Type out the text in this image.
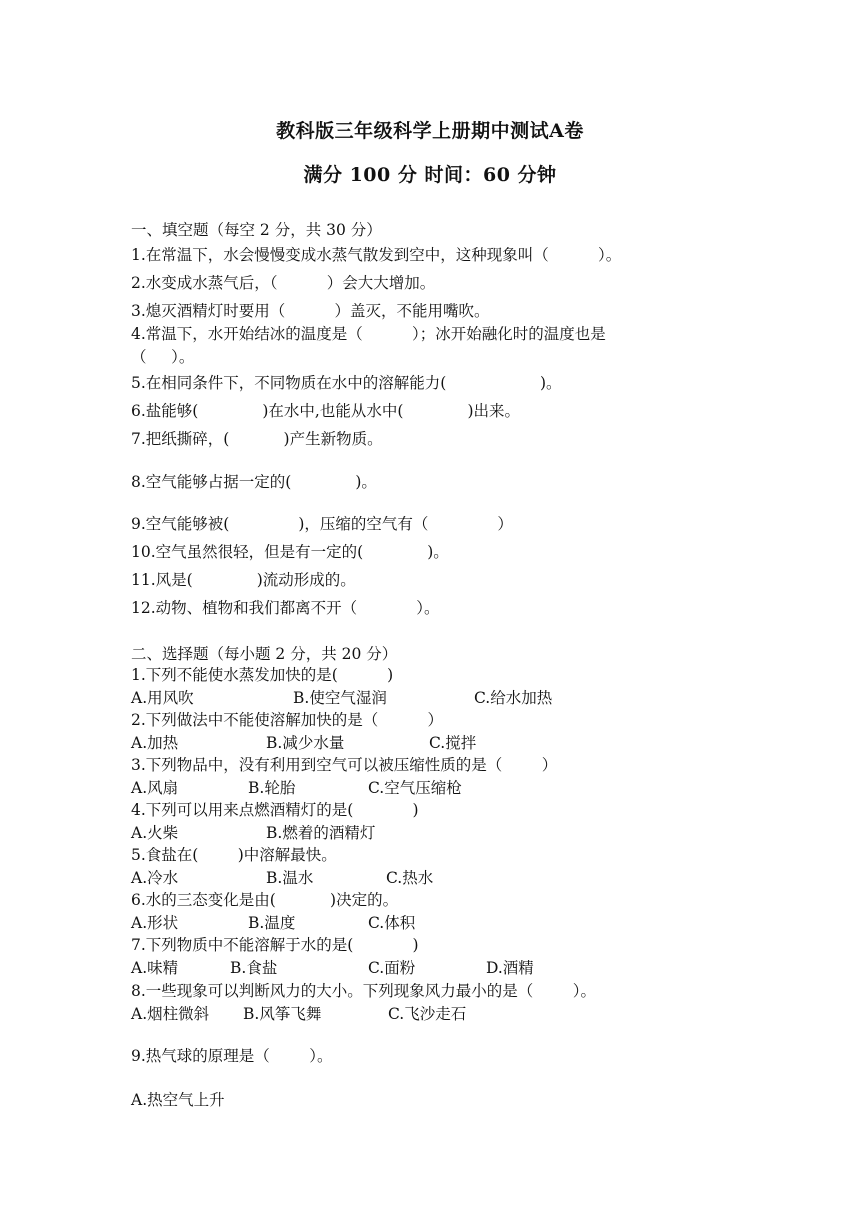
教科版三年级科学上册期中测试A卷
满分 100 分 时间：60 分钟
一、填空题（每空 2 分，共 30 分）
1.在常温下，水会慢慢变成水蒸气散发到空中，这种现象叫（          ）。
2.水变成水蒸气后，（          ）会大大增加。
3.熄灭酒精灯时要用（          ）盖灭，不能用嘴吹。
4.常温下，水开始结冰的温度是（          ）；冰开始融化时的温度也是
（     ）。
5.在相同条件下，不同物质在水中的溶解能力(                   )。
6.盐能够(             )在水中,也能从水中(             )出来。
7.把纸撕碎，(           )产生新物质。
8.空气能够占据一定的(             )。
9.空气能够被(              )，压缩的空气有（              ）
10.空气虽然很轻，但是有一定的(             )。
11.风是(             )流动形成的。
12.动物、植物和我们都离不开（            ）。
二、选择题（每小题 2 分，共 20 分）
1.下列不能使水蒸发加快的是(          )

A.用风吹

	B.使空气湿润

	C.给水加热

2.下列做法中不能使溶解加快的是（          ）

A.加热

	B.减少水量

	C.搅拌

3.下列物品中，没有利用到空气可以被压缩性质的是（        ）

A.风扇

	B.轮胎

	C.空气压缩枪

4.下列可以用来点燃酒精灯的是(            )

A.火柴

	B.燃着的酒精灯

5.食盐在(        )中溶解最快。

A.冷水

	B.温水

	C.热水

6.水的三态变化是由(           )决定的。

A.形状

	B.温度

	C.体积

7.下列物质中不能溶解于水的是(            )

A.味精

	B.食盐

	C.面粉

	D.酒精

8.一些现象可以判断风力的大小。下列现象风力最小的是（        ）。

A.烟柱微斜

B.风筝飞舞

	C.飞沙走石

9.热气球的原理是（        ）。
A.热空气上升
